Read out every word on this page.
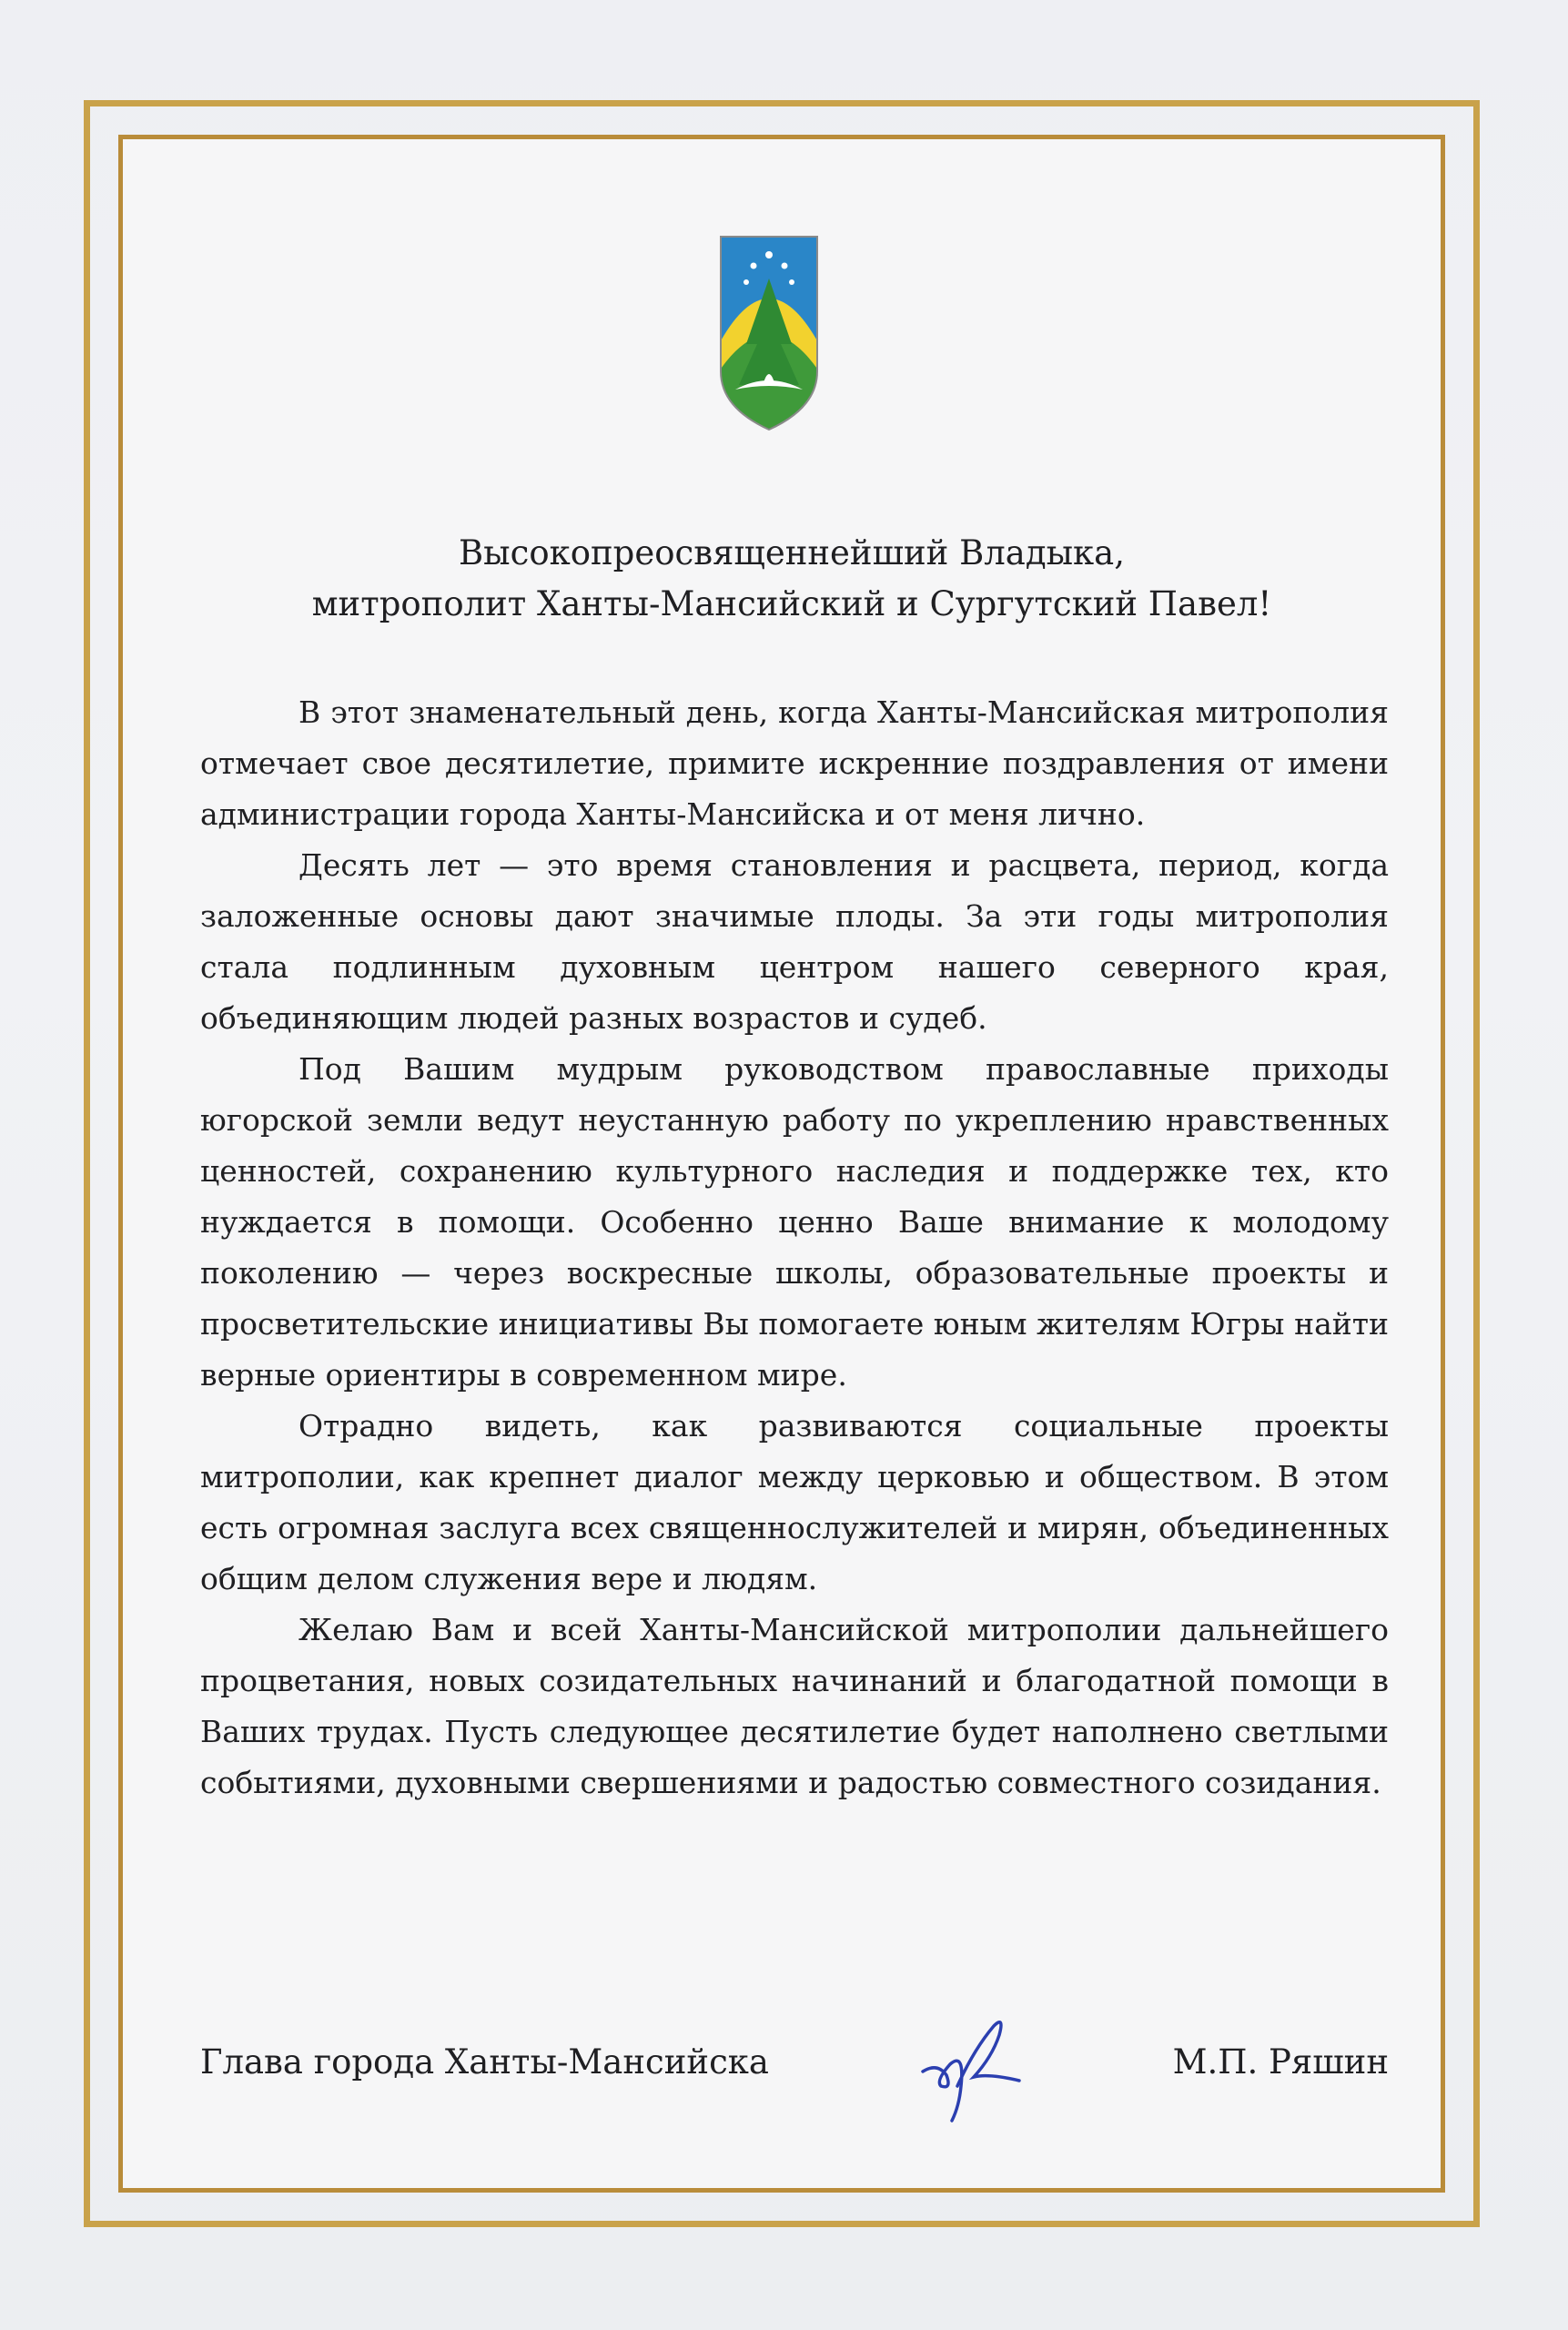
Высокопреосвященнейший Владыка,
митрополит Ханты-Мансийский и Сургутский Павел!

В этот знаменательный день, когда Ханты-Мансийская митрополия отмечает свое десятилетие, примите искренние поздравления от имени администрации города Ханты-Мансийска и от меня лично.

Десять лет — это время становления и расцвета, период, когда заложенные основы дают значимые плоды. За эти годы митрополия стала подлинным духовным центром нашего северного края, объединяющим людей разных возрастов и судеб.

Под Вашим мудрым руководством православные приходы югорской земли ведут неустанную работу по укреплению нравственных ценностей, сохранению культурного наследия и поддержке тех, кто нуждается в помощи. Особенно ценно Ваше внимание к молодому поколению — через воскресные школы, образовательные проекты и просветительские инициативы Вы помогаете юным жителям Югры найти верные ориентиры в современном мире.

Отрадно видеть, как развиваются социальные проекты митрополии, как крепнет диалог между церковью и обществом. В этом есть огромная заслуга всех священнослужителей и мирян, объединенных общим делом служения вере и людям.

Желаю Вам и всей Ханты-Мансийской митрополии дальнейшего процветания, новых созидательных начинаний и благодатной помощи в Ваших трудах. Пусть следующее десятилетие будет наполнено светлыми событиями, духовными свершениями и радостью совместного созидания.

Глава города Ханты-Мансийска	М.П. Ряшин
